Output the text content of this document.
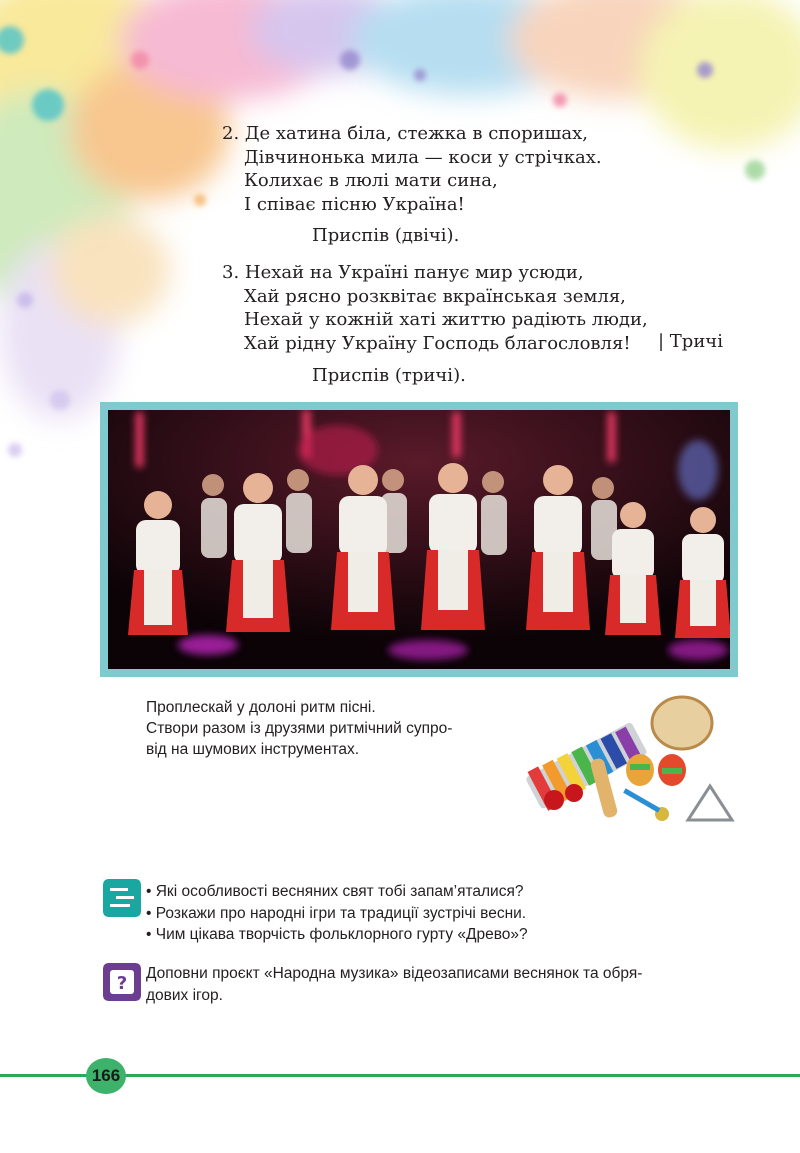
2. Де хатина біла, стежка в споришах,
Дівчинонька мила — коси у стрічках.
Колихає в люлі мати сина,
І співає пісню Україна!
Приспів (двічі).
3. Нехай на Україні панує мир усюди,
Хай рясно розквітає вкраїнськая земля,
Нехай у кожній хаті життю радіють люди,
Хай рідну Україну Господь благословля!	| Тричі
Приспів (тричі).
Проплескай у долоні ритм пісні.
Створи разом із друзями ритмічний супро-
від на шумових інструментах.
• Які особливості весняних свят тобі запам’яталися?
• Розкажи про народні ігри та традиції зустрічі весни.
• Чим цікава творчість фольклорного гурту «Древо»?
? Доповни проєкт «Народна музика» відеозаписами веснянок та обря-
дових ігор.
166
